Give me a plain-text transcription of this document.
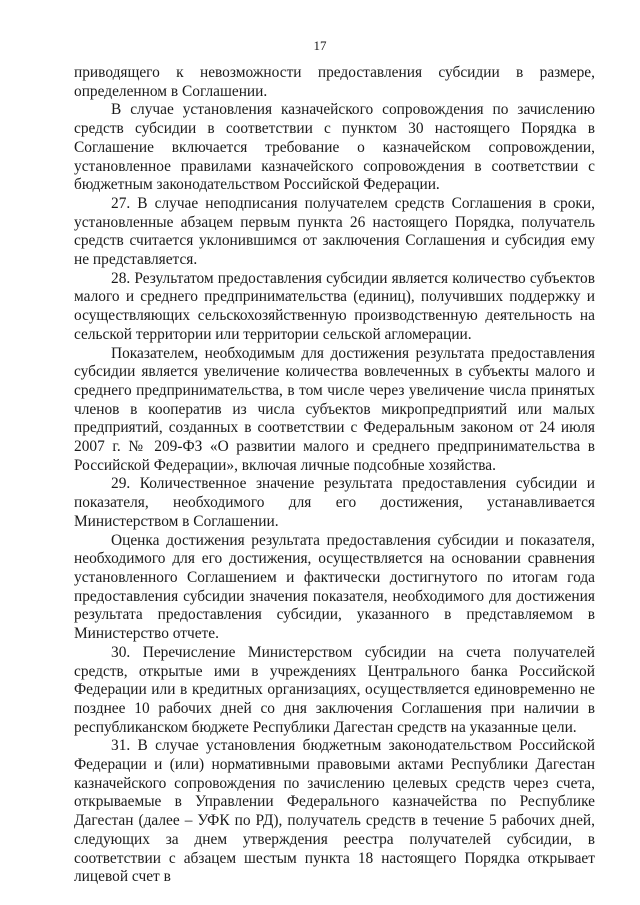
17

приводящего к невозможности предоставления субсидии в размере, определенном в Соглашении.

В случае установления казначейского сопровождения по зачислению средств субсидии в соответствии с пунктом 30 настоящего Порядка в Соглашение включается требование о казначейском сопровождении, установленное правилами казначейского сопровождения в соответствии с бюджетным законодательством Российской Федерации.

27. В случае неподписания получателем средств Соглашения в сроки, установленные абзацем первым пункта 26 настоящего Порядка, получатель средств считается уклонившимся от заключения Соглашения и субсидия ему не представляется.

28. Результатом предоставления субсидии является количество субъектов малого и среднего предпринимательства (единиц), получивших поддержку и осуществляющих сельскохозяйственную производственную деятельность на сельской территории или территории сельской агломерации.

Показателем, необходимым для достижения результата предоставления субсидии является увеличение количества вовлеченных в субъекты малого и среднего предпринимательства, в том числе через увеличение числа принятых членов в кооператив из числа субъектов микропредприятий или малых предприятий, созданных в соответствии с Федеральным законом от 24 июля 2007 г. № 209-ФЗ «О развитии малого и среднего предпринимательства в Российской Федерации», включая личные подсобные хозяйства.

29. Количественное значение результата предоставления субсидии и показателя, необходимого для его достижения, устанавливается Министерством в Соглашении.

Оценка достижения результата предоставления субсидии и показателя, необходимого для его достижения, осуществляется на основании сравнения установленного Соглашением и фактически достигнутого по итогам года предоставления субсидии значения показателя, необходимого для достижения результата предоставления субсидии, указанного в представляемом в Министерство отчете.

30. Перечисление Министерством субсидии на счета получателей средств, открытые ими в учреждениях Центрального банка Российской Федерации или в кредитных организациях, осуществляется единовременно не позднее 10 рабочих дней со дня заключения Соглашения при наличии в республиканском бюджете Республики Дагестан средств на указанные цели.

31. В случае установления бюджетным законодательством Российской Федерации и (или) нормативными правовыми актами Республики Дагестан казначейского сопровождения по зачислению целевых средств через счета, открываемые в Управлении Федерального казначейства по Республике Дагестан (далее – УФК по РД), получатель средств в течение 5 рабочих дней, следующих за днем утверждения реестра получателей субсидии, в соответствии с абзацем шестым пункта 18 настоящего Порядка открывает лицевой счет в
